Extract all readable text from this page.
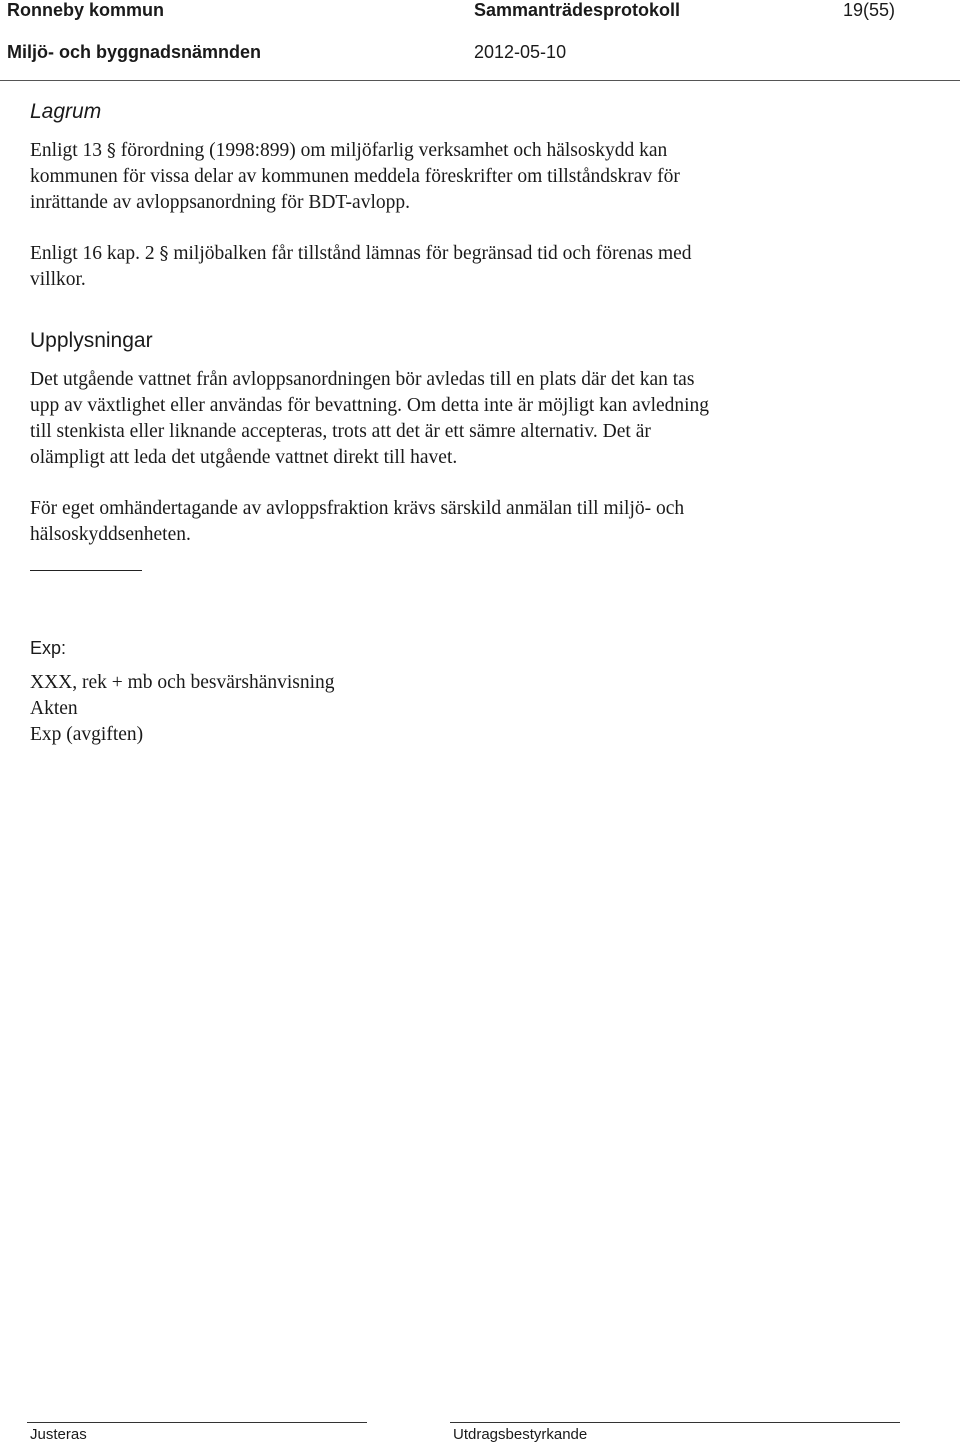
Ronneby kommun	Sammanträdesprotokoll	19(55)
Miljö- och byggnadsnämnden	2012-05-10
Lagrum
Enligt 13 § förordning (1998:899) om miljöfarlig verksamhet och hälsoskydd kan
kommunen för vissa delar av kommunen meddela föreskrifter om tillståndskrav för
inrättande av avloppsanordning för BDT-avlopp.
Enligt 16 kap. 2 § miljöbalken får tillstånd lämnas för begränsad tid och förenas med
villkor.
Upplysningar
Det utgående vattnet från avloppsanordningen bör avledas till en plats där det kan tas
upp av växtlighet eller användas för bevattning. Om detta inte är möjligt kan avledning
till stenkista eller liknande accepteras, trots att det är ett sämre alternativ. Det är
olämpligt att leda det utgående vattnet direkt till havet.
För eget omhändertagande av avloppsfraktion krävs särskild anmälan till miljö- och
hälsoskyddsenheten.
Exp:
XXX, rek + mb och besvärshänvisning
Akten
Exp (avgiften)
Justeras	Utdragsbestyrkande
